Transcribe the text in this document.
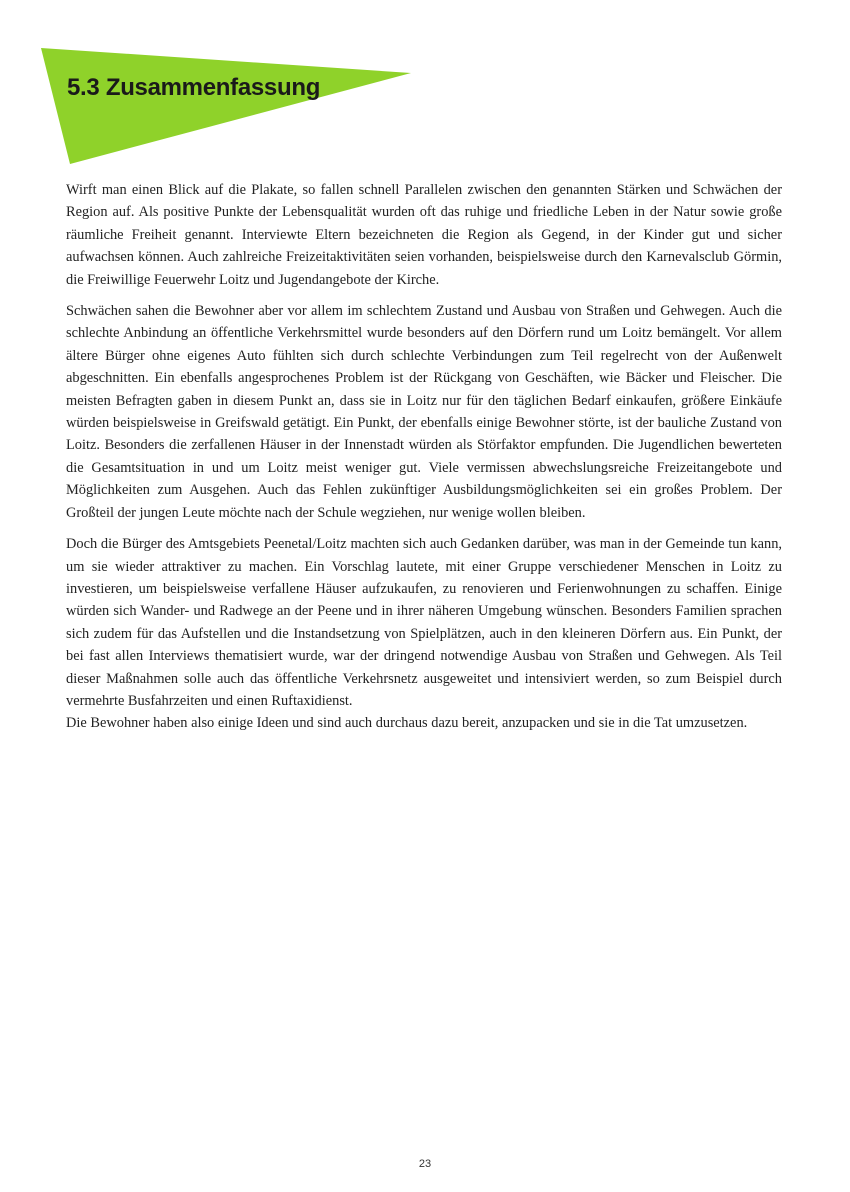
5.3 Zusammenfassung

Wirft man einen Blick auf die Plakate, so fallen schnell Parallelen zwischen den genannten Stärken und Schwächen der Region auf. Als positive Punkte der Lebensqualität wurden oft das ruhige und friedliche Leben in der Natur sowie große räumliche Freiheit genannt. Interviewte Eltern bezeichneten die Region als Gegend, in der Kinder gut und sicher aufwachsen können. Auch zahlreiche Freizeitaktivitäten seien vorhanden, beispielsweise durch den Karnevalsclub Görmin, die Freiwillige Feuerwehr Loitz und Jugendangebote der Kirche.

Schwächen sahen die Bewohner aber vor allem im schlechtem Zustand und Ausbau von Straßen und Gehwegen. Auch die schlechte Anbindung an öffentliche Verkehrsmittel wurde besonders auf den Dörfern rund um Loitz bemängelt. Vor allem ältere Bürger ohne eigenes Auto fühlten sich durch schlechte Verbindungen zum Teil regelrecht von der Außenwelt abgeschnitten. Ein ebenfalls angesprochenes Problem ist der Rückgang von Geschäften, wie Bäcker und Fleischer. Die meisten Befragten gaben in diesem Punkt an, dass sie in Loitz nur für den täglichen Bedarf einkaufen, größere Einkäufe würden beispielsweise in Greifswald getätigt. Ein Punkt, der ebenfalls einige Bewohner störte, ist der bauliche Zustand von Loitz. Besonders die zerfallenen Häuser in der Innenstadt würden als Störfaktor empfunden. Die Jugendlichen bewerteten die Gesamtsituation in und um Loitz meist weniger gut. Viele vermissen abwechslungsreiche Freizeitangebote und Möglichkeiten zum Ausgehen. Auch das Fehlen zukünftiger Ausbildungsmöglichkeiten sei ein großes Problem. Der Großteil der jungen Leute möchte nach der Schule wegziehen, nur wenige wollen bleiben.

Doch die Bürger des Amtsgebiets Peenetal/Loitz machten sich auch Gedanken darüber, was man in der Gemeinde tun kann, um sie wieder attraktiver zu machen. Ein Vorschlag lautete, mit einer Gruppe verschiedener Menschen in Loitz zu investieren, um beispielsweise verfallene Häuser aufzukaufen, zu renovieren und Ferienwohnungen zu schaffen. Einige würden sich Wander- und Radwege an der Peene und in ihrer näheren Umgebung wünschen. Besonders Familien sprachen sich zudem für das Aufstellen und die Instandsetzung von Spielplätzen, auch in den kleineren Dörfern aus. Ein Punkt, der bei fast allen Interviews thematisiert wurde, war der dringend notwendige Ausbau von Straßen und Gehwegen. Als Teil dieser Maßnahmen solle auch das öffentliche Verkehrsnetz ausgeweitet und intensiviert werden, so zum Beispiel durch vermehrte Busfahrzeiten und einen Ruftaxidienst.

Die Bewohner haben also einige Ideen und sind auch durchaus dazu bereit, anzupacken und sie in die Tat umzusetzen.

23
